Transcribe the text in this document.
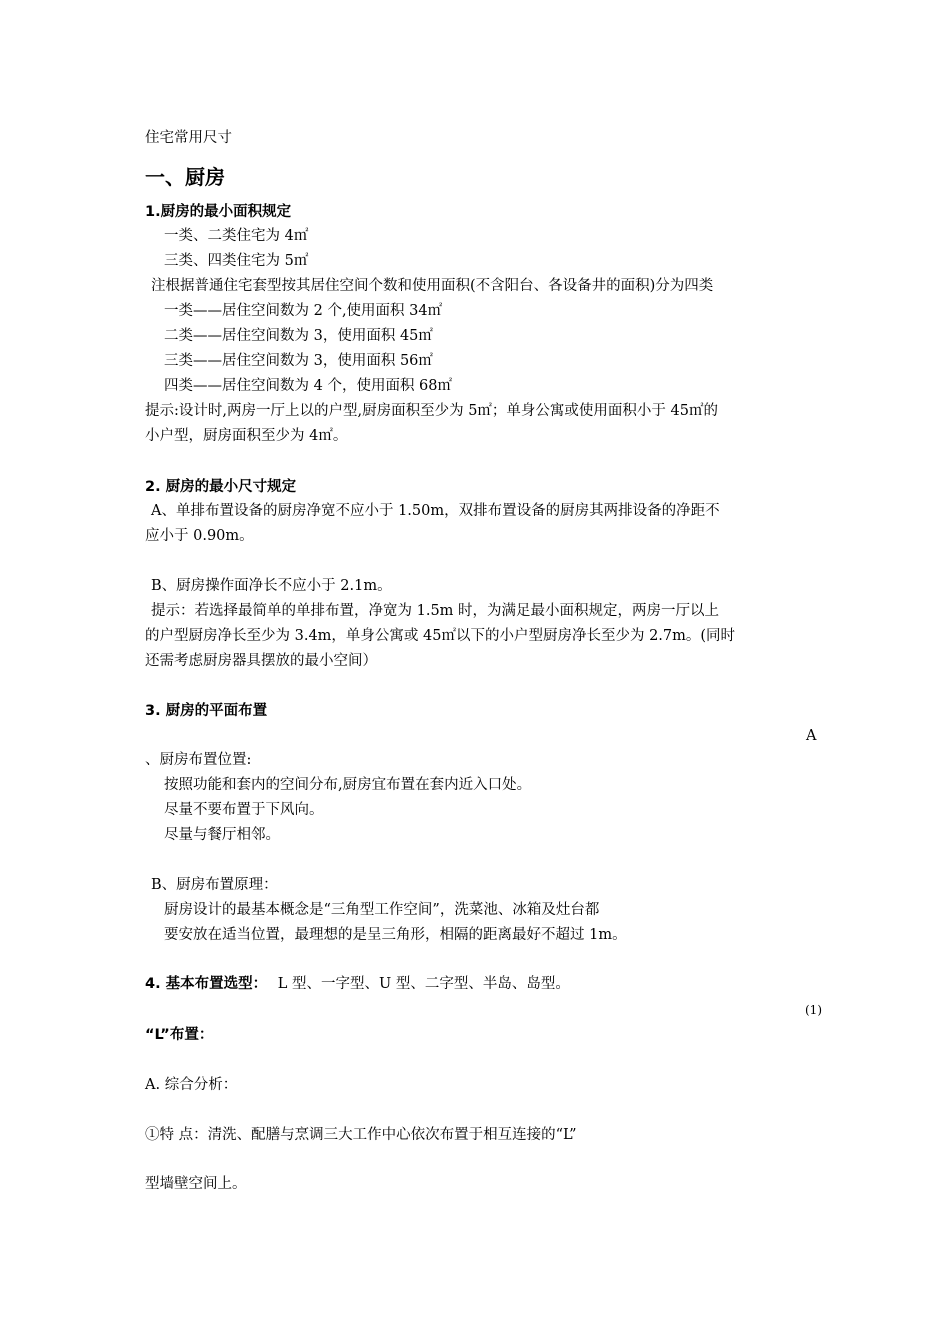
住宅常用尺寸
一、厨房
1.厨房的最小面积规定
一类、二类住宅为 4㎡
三类、四类住宅为 5㎡
注根据普通住宅套型按其居住空间个数和使用面积(不含阳台、各设备井的面积)分为四类
一类——居住空间数为 2 个,使用面积 34㎡
二类——居住空间数为 3，使用面积 45㎡
三类——居住空间数为 3，使用面积 56㎡
四类——居住空间数为 4 个，使用面积 68㎡
提示:设计时,两房一厅上以的户型,厨房面积至少为 5㎡；单身公寓或使用面积小于 45㎡的
小户型，厨房面积至少为 4㎡。
2. 厨房的最小尺寸规定
A、单排布置设备的厨房净宽不应小于 1.50m，双排布置设备的厨房其两排设备的净距不
应小于 0.90m。
B、厨房操作面净长不应小于 2.1m。
提示：若选择最简单的单排布置，净宽为 1.5m 时，为满足最小面积规定，两房一厅以上
的户型厨房净长至少为 3.4m，单身公寓或 45㎡以下的小户型厨房净长至少为 2.7m。(同时
还需考虑厨房器具摆放的最小空间）
3. 厨房的平面布置
A
、厨房布置位置:
按照功能和套内的空间分布,厨房宜布置在套内近入口处。
尽量不要布置于下风向。
尽量与餐厅相邻。
B、厨房布置原理：
厨房设计的最基本概念是“三角型工作空间”，洗菜池、冰箱及灶台都
要安放在适当位置，最理想的是呈三角形，相隔的距离最好不超过 1m。
4. 基本布置选型： L 型、一字型、U 型、二字型、半岛、岛型。
(1)
“L”布置：
A. 综合分析：
①特 点：清洗、配膳与烹调三大工作中心依次布置于相互连接的“L”
型墙壁空间上。
